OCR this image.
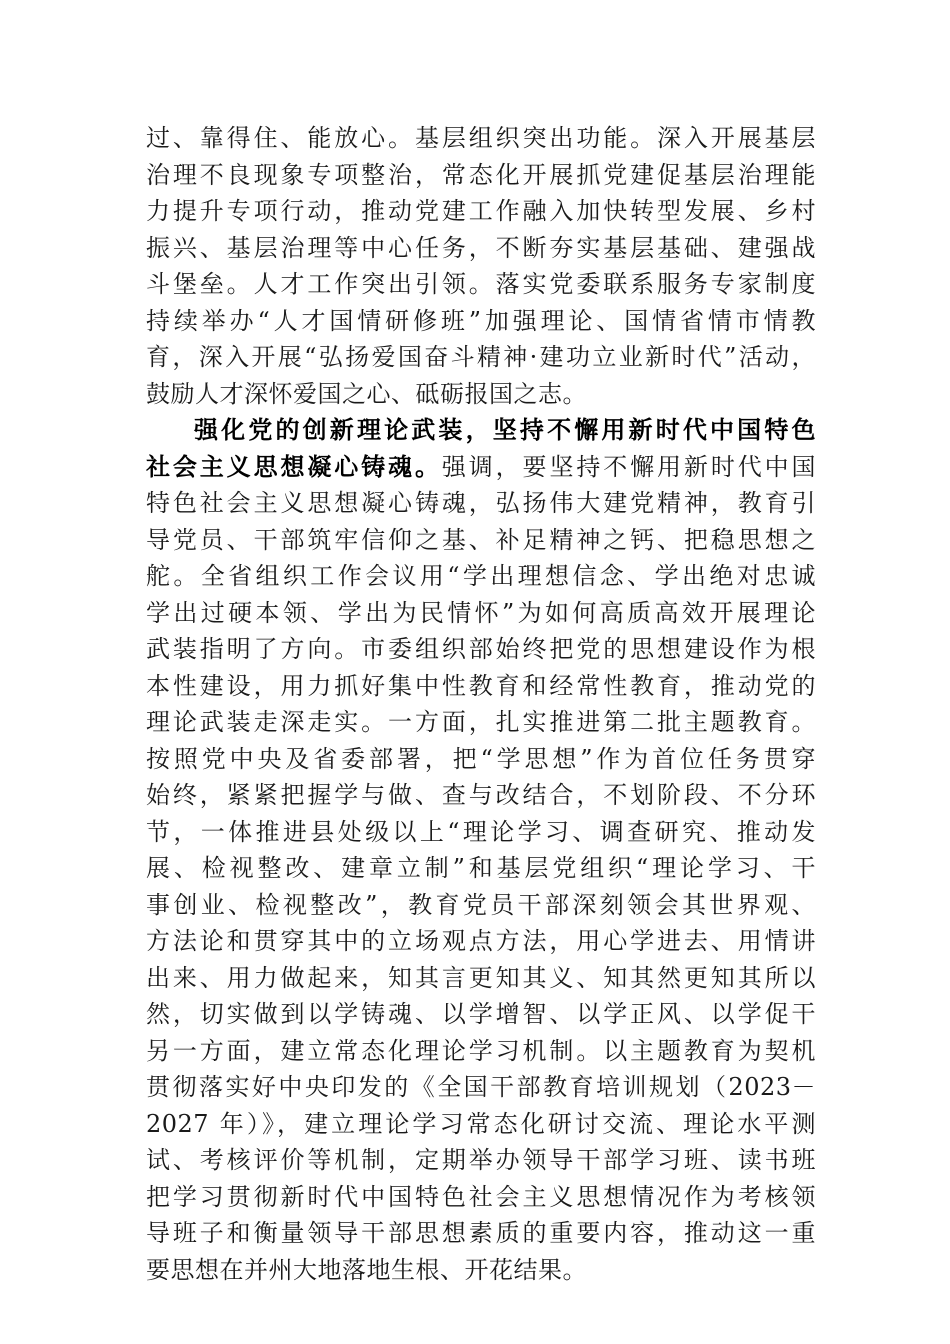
过、靠得住、能放心。基层组织突出功能。深入开展基层
治理不良现象专项整治，常态化开展抓党建促基层治理能
力提升专项行动，推动党建工作融入加快转型发展、乡村
振兴、基层治理等中心任务，不断夯实基层基础、建强战
斗堡垒。人才工作突出引领。落实党委联系服务专家制度
持续举办“人才国情研修班”加强理论、国情省情市情教
育，深入开展“弘扬爱国奋斗精神·建功立业新时代”活动，
鼓励人才深怀爱国之心、砥砺报国之志。
强化党的创新理论武装，坚持不懈用新时代中国特色
社会主义思想凝心铸魂。强调，要坚持不懈用新时代中国
特色社会主义思想凝心铸魂，弘扬伟大建党精神，教育引
导党员、干部筑牢信仰之基、补足精神之钙、把稳思想之
舵。全省组织工作会议用“学出理想信念、学出绝对忠诚
学出过硬本领、学出为民情怀”为如何高质高效开展理论
武装指明了方向。市委组织部始终把党的思想建设作为根
本性建设，用力抓好集中性教育和经常性教育，推动党的
理论武装走深走实。一方面，扎实推进第二批主题教育。
按照党中央及省委部署，把“学思想”作为首位任务贯穿
始终，紧紧把握学与做、查与改结合，不划阶段、不分环
节，一体推进县处级以上“理论学习、调查研究、推动发
展、检视整改、建章立制”和基层党组织“理论学习、干
事创业、检视整改”，教育党员干部深刻领会其世界观、
方法论和贯穿其中的立场观点方法，用心学进去、用情讲
出来、用力做起来，知其言更知其义、知其然更知其所以
然，切实做到以学铸魂、以学增智、以学正风、以学促干
另一方面，建立常态化理论学习机制。以主题教育为契机
贯彻落实好中央印发的《全国干部教育培训规划（2023－
2027 年）》，建立理论学习常态化研讨交流、理论水平测
试、考核评价等机制，定期举办领导干部学习班、读书班
把学习贯彻新时代中国特色社会主义思想情况作为考核领
导班子和衡量领导干部思想素质的重要内容，推动这一重
要思想在并州大地落地生根、开花结果。
